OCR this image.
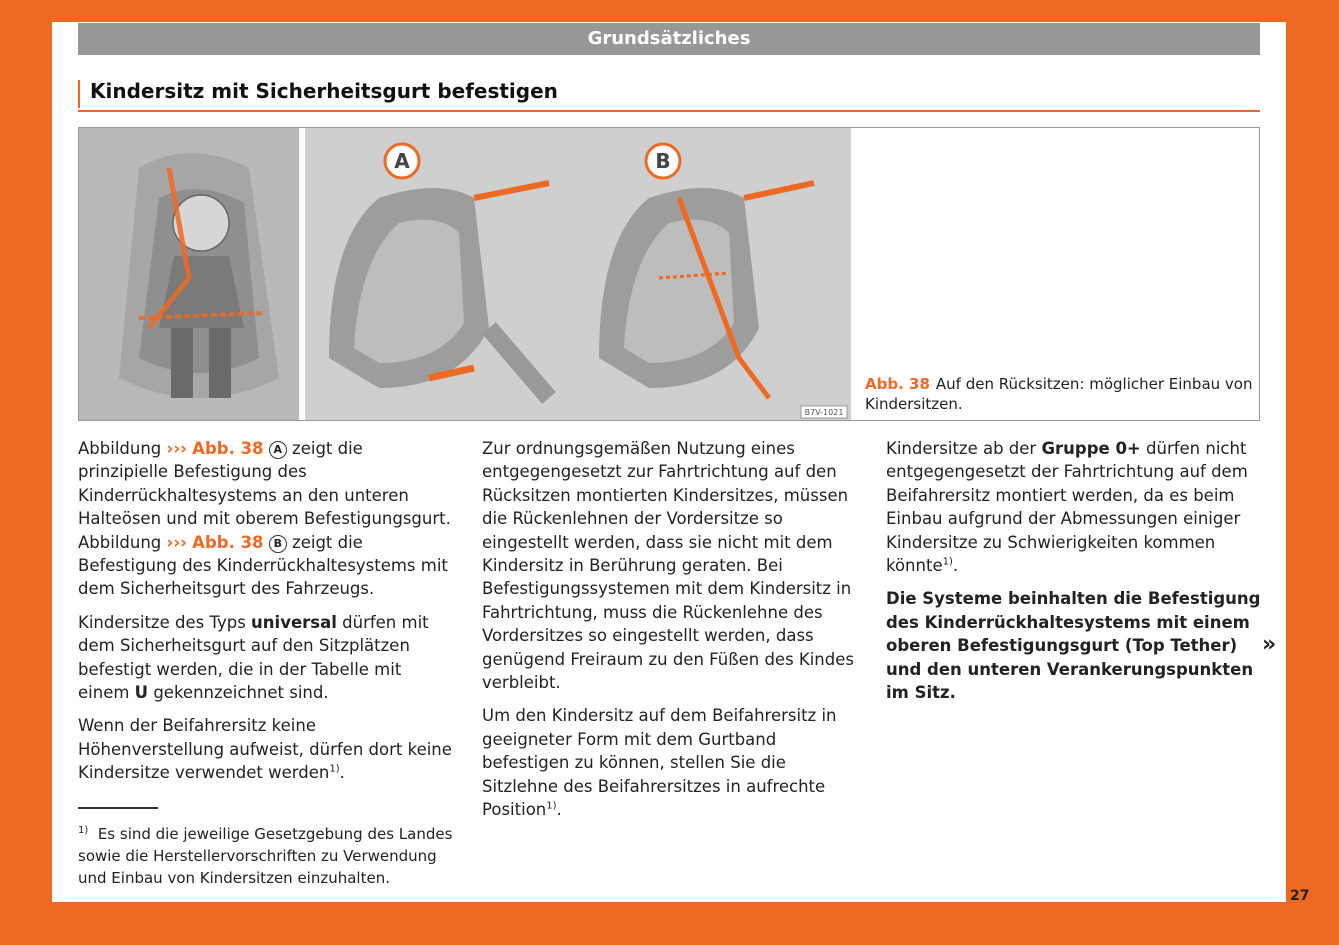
Grundsätzliches
Kindersitz mit Sicherheitsgurt befestigen
A	B
B7V-1021
Abb. 38 Auf den Rücksitzen: möglicher Einbau von Kindersitzen.

Abbildung ››› Abb. 38 A zeigt die prinzipielle Befestigung des Kinderrückhaltesystems an den unteren Halteösen und mit oberem Befestigungsgurt. Abbildung ››› Abb. 38 B zeigt die Befestigung des Kinderrückhaltesystems mit dem Sicherheitsgurt des Fahrzeugs.

Kindersitze des Typs universal dürfen mit dem Sicherheitsgurt auf den Sitzplätzen befestigt werden, die in der Tabelle mit einem U gekennzeichnet sind.

Wenn der Beifahrersitz keine Höhenverstellung aufweist, dürfen dort keine Kindersitze verwendet werden$^{1)}$.

Zur ordnungsgemäßen Nutzung eines entgegengesetzt zur Fahrtrichtung auf den Rücksitzen montierten Kindersitzes, müssen die Rückenlehnen der Vordersitze so eingestellt werden, dass sie nicht mit dem Kindersitz in Berührung geraten. Bei Befestigungssystemen mit dem Kindersitz in Fahrtrichtung, muss die Rückenlehne des Vordersitzes so eingestellt werden, dass genügend Freiraum zu den Füßen des Kindes verbleibt.

Um den Kindersitz auf dem Beifahrersitz in geeigneter Form mit dem Gurtband befestigen zu können, stellen Sie die Sitzlehne des Beifahrersitzes in aufrechte Position$^{1)}$.

Kindersitze ab der Gruppe 0+ dürfen nicht entgegengesetzt der Fahrtrichtung auf dem Beifahrersitz montiert werden, da es beim Einbau aufgrund der Abmessungen einiger Kindersitze zu Schwierigkeiten kommen könnte$^{1)}$.

Die Systeme beinhalten die Befestigung des Kinderrückhaltesystems mit einem oberen Befestigungsgurt (Top Tether) und den unteren Verankerungspunkten im Sitz.

»
$^{1)}$ Es sind die jeweilige Gesetzgebung des Landes sowie die Herstellervorschriften zu Verwendung und Einbau von Kindersitzen einzuhalten.
27
